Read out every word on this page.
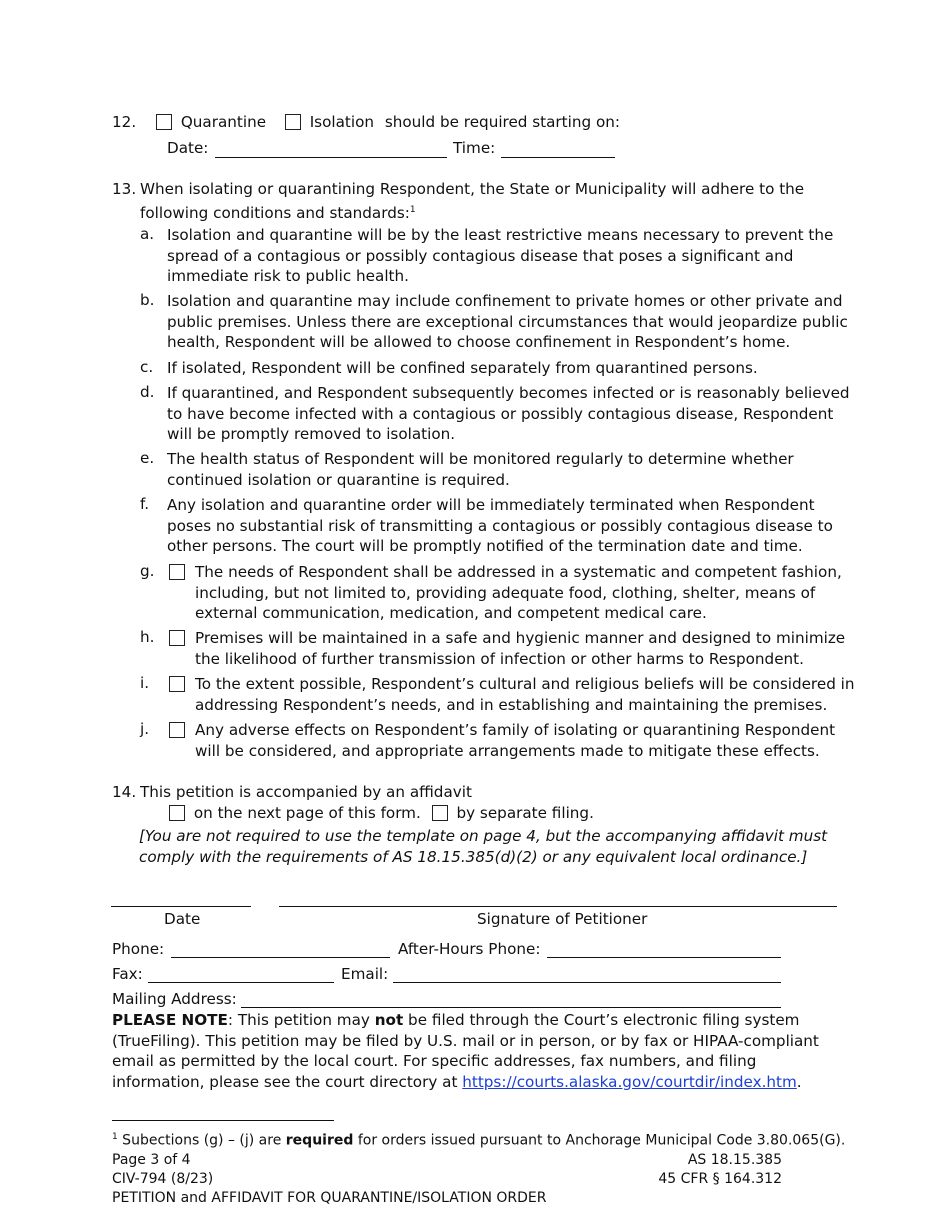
12.	Quarantine	Isolation should be required starting on:
Date:	Time:
13. When isolating or quarantining Respondent, the State or Municipality will adhere to the
following conditions and standards:$^1$
a. Isolation and quarantine will be by the least restrictive means necessary to prevent the spread of a contagious or possibly contagious disease that poses a significant and immediate risk to public health.
b. Isolation and quarantine may include confinement to private homes or other private and public premises. Unless there are exceptional circumstances that would jeopardize public health, Respondent will be allowed to choose confinement in Respondent’s home.
c. If isolated, Respondent will be confined separately from quarantined persons.
d. If quarantined, and Respondent subsequently becomes infected or is reasonably believed to have become infected with a contagious or possibly contagious disease, Respondent will be promptly removed to isolation.
e. The health status of Respondent will be monitored regularly to determine whether continued isolation or quarantine is required.
f. Any isolation and quarantine order will be immediately terminated when Respondent poses no substantial risk of transmitting a contagious or possibly contagious disease to other persons. The court will be promptly notified of the termination date and time.
g.	The needs of Respondent shall be addressed in a systematic and competent fashion, including, but not limited to, providing adequate food, clothing, shelter, means of external communication, medication, and competent medical care.
h.	Premises will be maintained in a safe and hygienic manner and designed to minimize the likelihood of further transmission of infection or other harms to Respondent.
i.	To the extent possible, Respondent’s cultural and religious beliefs will be considered in addressing Respondent’s needs, and in establishing and maintaining the premises.
j.	Any adverse effects on Respondent’s family of isolating or quarantining Respondent will be considered, and appropriate arrangements made to mitigate these effects.
14. This petition is accompanied by an affidavit
on the next page of this form. by separate filing.
[You are not required to use the template on page 4, but the accompanying affidavit must
comply with the requirements of AS 18.15.385(d)(2) or any equivalent local ordinance.]
Date	Signature of Petitioner
Phone:	After-Hours Phone:
Fax:	Email:
Mailing Address:
PLEASE NOTE: This petition may not be filed through the Court’s electronic filing system (TrueFiling). This petition may be filed by U.S. mail or in person, or by fax or HIPAA-compliant email as permitted by the local court. For specific addresses, fax numbers, and filing information, please see the court directory at https://courts.alaska.gov/courtdir/index.htm.
$^1$ Subections (g) – (j) are required for orders issued pursuant to Anchorage Municipal Code 3.80.065(G).
Page 3 of 4
CIV-794 (8/23)
PETITION and AFFIDAVIT FOR QUARANTINE/ISOLATION ORDER
AS 18.15.385
45 CFR § 164.312
